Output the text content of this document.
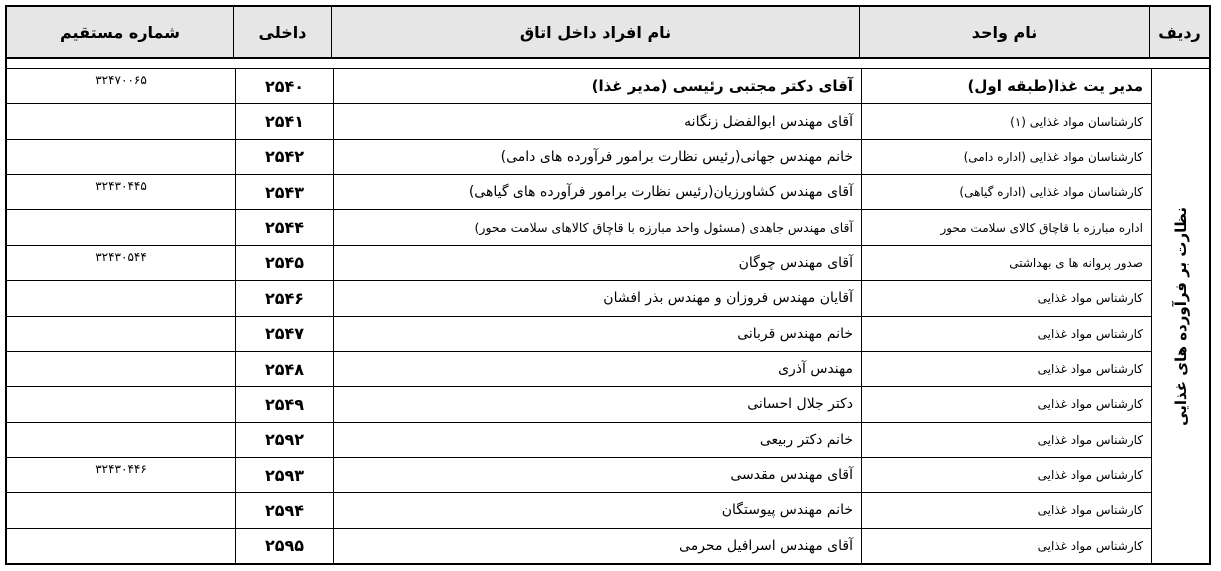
ردیف
نام واحد
نام افراد داخل اتاق
داخلی
شماره مستقیم
نظارت بر فرآورده های غذایی
مدیر یت غذا(طبقه اول)
آقای دکتر مجتبی رئیسی (مدیر غذا)
۲۵۴۰
۳۲۴۷۰۰۶۵
کارشناسان مواد غذایی (۱)
آقای مهندس ابوالفضل زنگانه
۲۵۴۱
کارشناسان مواد غذایی (اداره دامی)
خانم مهندس جهانی(رئیس نظارت برامور فرآورده های دامی)
۲۵۴۲
کارشناسان مواد غذایی (اداره گیاهی)
آقای مهندس کشاورزیان(رئیس نظارت برامور فرآورده های گیاهی)
۲۵۴۳
۳۲۴۳۰۴۴۵
اداره مبارزه با قاچاق کالای سلامت محور
آقای مهندس جاهدی (مسئول واحد مبارزه با قاچاق کالاهای سلامت محور)
۲۵۴۴
صدور پروانه ها ی بهداشتی
آقای مهندس چوگان
۲۵۴۵
۳۲۴۳۰۵۴۴
کارشناس مواد غذایی
آقایان مهندس فروزان و مهندس بذر افشان
۲۵۴۶
کارشناس مواد غذایی
خانم مهندس قربانی
۲۵۴۷
کارشناس مواد غذایی
مهندس آذری
۲۵۴۸
کارشناس مواد غذایی
دکتر جلال احسانی
۲۵۴۹
کارشناس مواد غذایی
خانم دکتر ربیعی
۲۵۹۲
کارشناس مواد غذایی
آقای مهندس مقدسی
۲۵۹۳
۳۲۴۳۰۴۴۶
کارشناس مواد غذایی
خانم مهندس پیوستگان
۲۵۹۴
کارشناس مواد غذایی
آقای مهندس اسرافیل محرمی
۲۵۹۵
